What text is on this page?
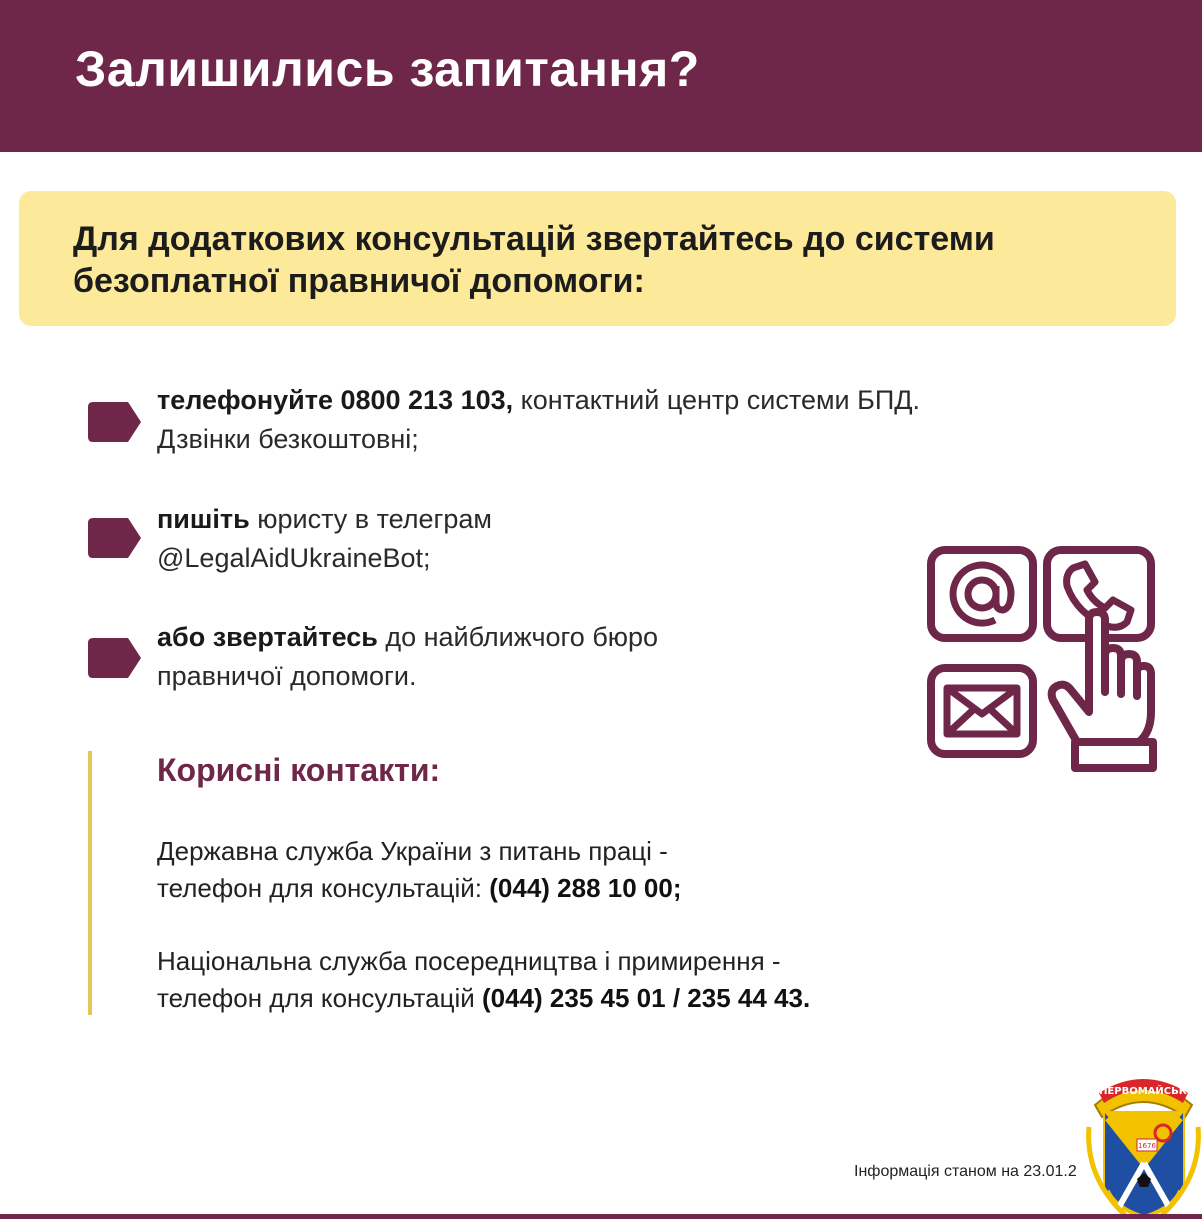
Залишились запитання?

Для додаткових консультацій звертайтесь до системи безоплатної правничої допомоги:

телефонуйте 0800 213 103, контактний центр системи БПД.
Дзвінки безкоштовні;

пишіть юристу в телеграм
@LegalAidUkraineBot;

або звертайтесь до найближчого бюро
правничої допомоги.

Корисні контакти:

Державна служба України з питань праці -
телефон для консультацій: (044) 288 10 00;

Національна служба посередництва і примирення -
телефон для консультацій (044) 235 45 01 / 235 44 43.

Інформація станом на 23.01.2

ПЕРВОМАЙСЬК
1676
